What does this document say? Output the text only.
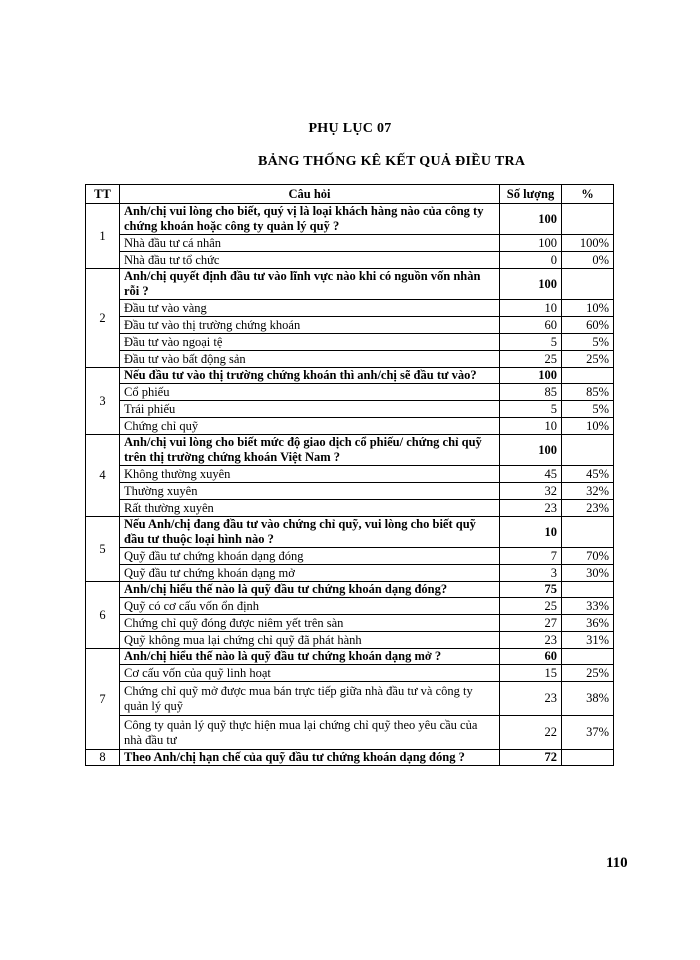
PHỤ LỤC 07
BẢNG THỐNG KÊ KẾT QUẢ ĐIỀU TRA
TT	Câu hỏi	Số lượng	%
1	Anh/chị vui lòng cho biết, quý vị là loại khách hàng nào của công ty chứng khoán hoặc công ty quản lý quỹ ?	100	
	Nhà đầu tư cá nhân	100	100%
	Nhà đầu tư tổ chức	0	0%
2	Anh/chị quyết định đầu tư vào lĩnh vực nào khi có nguồn vốn nhàn rỗi ?	100	
	Đầu tư vào vàng	10	10%
	Đầu tư vào thị trường chứng khoán	60	60%
	Đầu tư vào ngoại tệ	5	5%
	Đầu tư vào bất động sản	25	25%
3	Nếu đầu tư vào thị trường chứng khoán thì anh/chị sẽ đầu tư vào?	100	
	Cổ phiếu	85	85%
	Trái phiếu	5	5%
	Chứng chỉ quỹ	10	10%
4	Anh/chị vui lòng cho biết mức độ giao dịch cổ phiếu/ chứng chỉ quỹ trên thị trường chứng khoán Việt Nam ?	100	
	Không thường xuyên	45	45%
	Thường xuyên	32	32%
	Rất thường xuyên	23	23%
5	Nếu Anh/chị đang đầu tư vào chứng chỉ quỹ, vui lòng cho biết quỹ đầu tư thuộc loại hình nào ?	10	
	Quỹ đầu tư chứng khoán dạng đóng	7	70%
	Quỹ đầu tư chứng khoán dạng mở	3	30%
6	Anh/chị hiểu thế nào là quỹ đầu tư chứng khoán dạng đóng?	75	
	Quỹ có cơ cấu vốn ổn định	25	33%
	Chứng chỉ quỹ đóng được niêm yết trên sàn	27	36%
	Quỹ không mua lại chứng chỉ quỹ đã phát hành	23	31%
7	Anh/chị hiểu thế nào là quỹ đầu tư chứng khoán dạng mở ?	60	
	Cơ cấu vốn của quỹ linh hoạt	15	25%
	Chứng chỉ quỹ mở được mua bán trực tiếp giữa nhà đầu tư và công ty quản lý quỹ	23	38%
	Công ty quản lý quỹ thực hiện mua lại chứng chỉ quỹ theo yêu cầu của nhà đầu tư	22	37%
8	Theo Anh/chị hạn chế của quỹ đầu tư chứng khoán dạng đóng ?	72	
110
